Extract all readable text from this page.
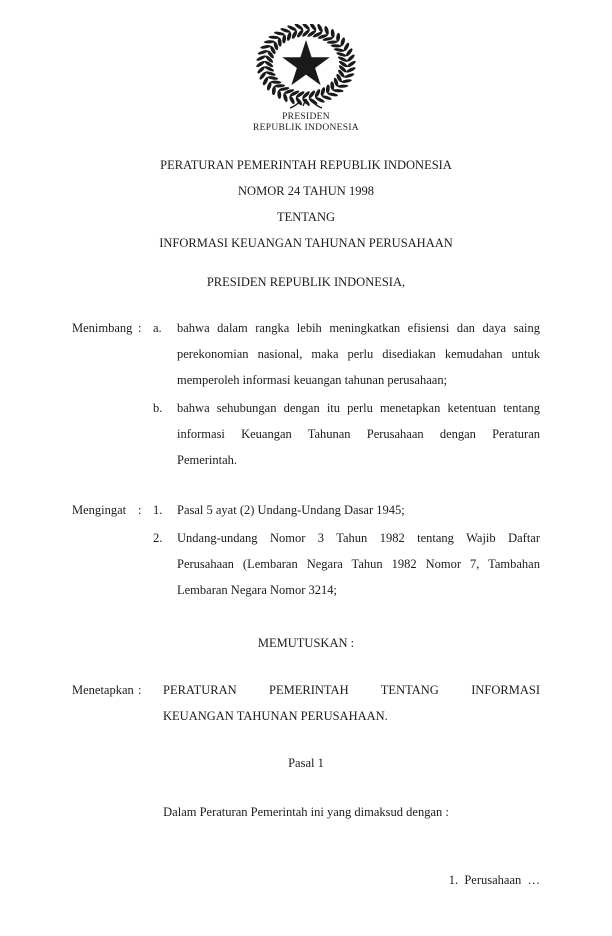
PRESIDEN
REPUBLIK INDONESIA
PERATURAN PEMERINTAH REPUBLIK INDONESIA
NOMOR 24 TAHUN 1998
TENTANG
INFORMASI KEUANGAN TAHUNAN PERUSAHAAN
PRESIDEN REPUBLIK INDONESIA,
Menimbang : a.	bahwa dalam rangka lebih meningkatkan efisiensi dan daya saing
perekonomian nasional, maka perlu disediakan kemudahan untuk
memperoleh informasi keuangan tahunan perusahaan;
b.	bahwa sehubungan dengan itu perlu menetapkan ketentuan tentang
informasi Keuangan Tahunan Perusahaan dengan Peraturan
Pemerintah.
Mengingat : 1.	Pasal 5 ayat (2) Undang-Undang Dasar 1945;
2.	Undang-undang Nomor 3 Tahun 1982 tentang Wajib Daftar
Perusahaan (Lembaran Negara Tahun 1982 Nomor 7, Tambahan
Lembaran Negara Nomor 3214;
MEMUTUSKAN :
Menetapkan :	PERATURAN PEMERINTAH TENTANG INFORMASI
KEUANGAN TAHUNAN PERUSAHAAN.
Pasal 1
Dalam Peraturan Pemerintah ini yang dimaksud dengan :
1.  Perusahaan  …
